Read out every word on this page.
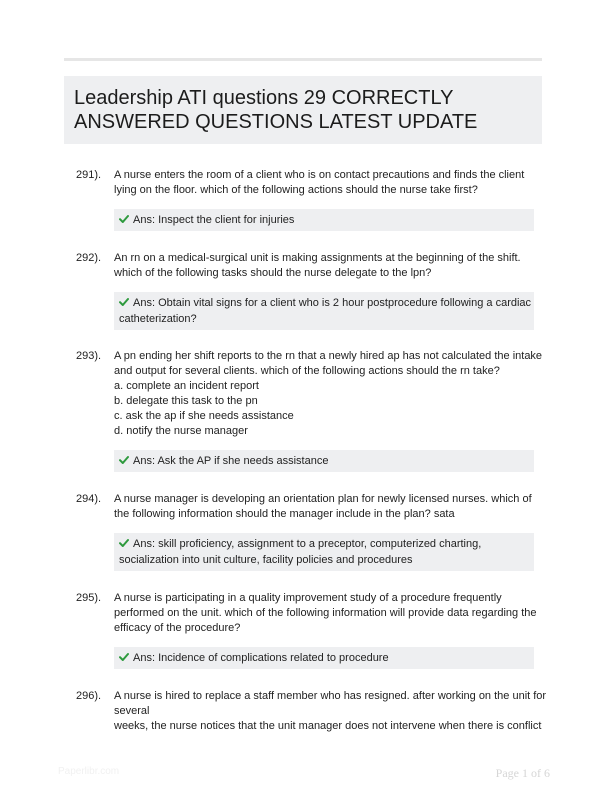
Leadership ATI questions 29 CORRECTLY
ANSWERED QUESTIONS LATEST UPDATE
291). A nurse enters the room of a client who is on contact precautions and finds the client
lying on the floor. which of the following actions should the nurse take first?
Ans: Inspect the client for injuries
292). An rn on a medical-surgical unit is making assignments at the beginning of the shift.
which of the following tasks should the nurse delegate to the lpn?
Ans: Obtain vital signs for a client who is 2 hour postprocedure following a cardiac
catheterization?
293). A pn ending her shift reports to the rn that a newly hired ap has not calculated the intake
and output for several clients. which of the following actions should the rn take?
a. complete an incident report
b. delegate this task to the pn
c. ask the ap if she needs assistance
d. notify the nurse manager
Ans: Ask the AP if she needs assistance
294). A nurse manager is developing an orientation plan for newly licensed nurses. which of
the following information should the manager include in the plan? sata
Ans: skill proficiency, assignment to a preceptor, computerized charting,
socialization into unit culture, facility policies and procedures
295). A nurse is participating in a quality improvement study of a procedure frequently
performed on the unit. which of the following information will provide data regarding the
efficacy of the procedure?
Ans: Incidence of complications related to procedure
296). A nurse is hired to replace a staff member who has resigned. after working on the unit for
several
weeks, the nurse notices that the unit manager does not intervene when there is conflict
Paperlibr.com	Page 1 of 6
